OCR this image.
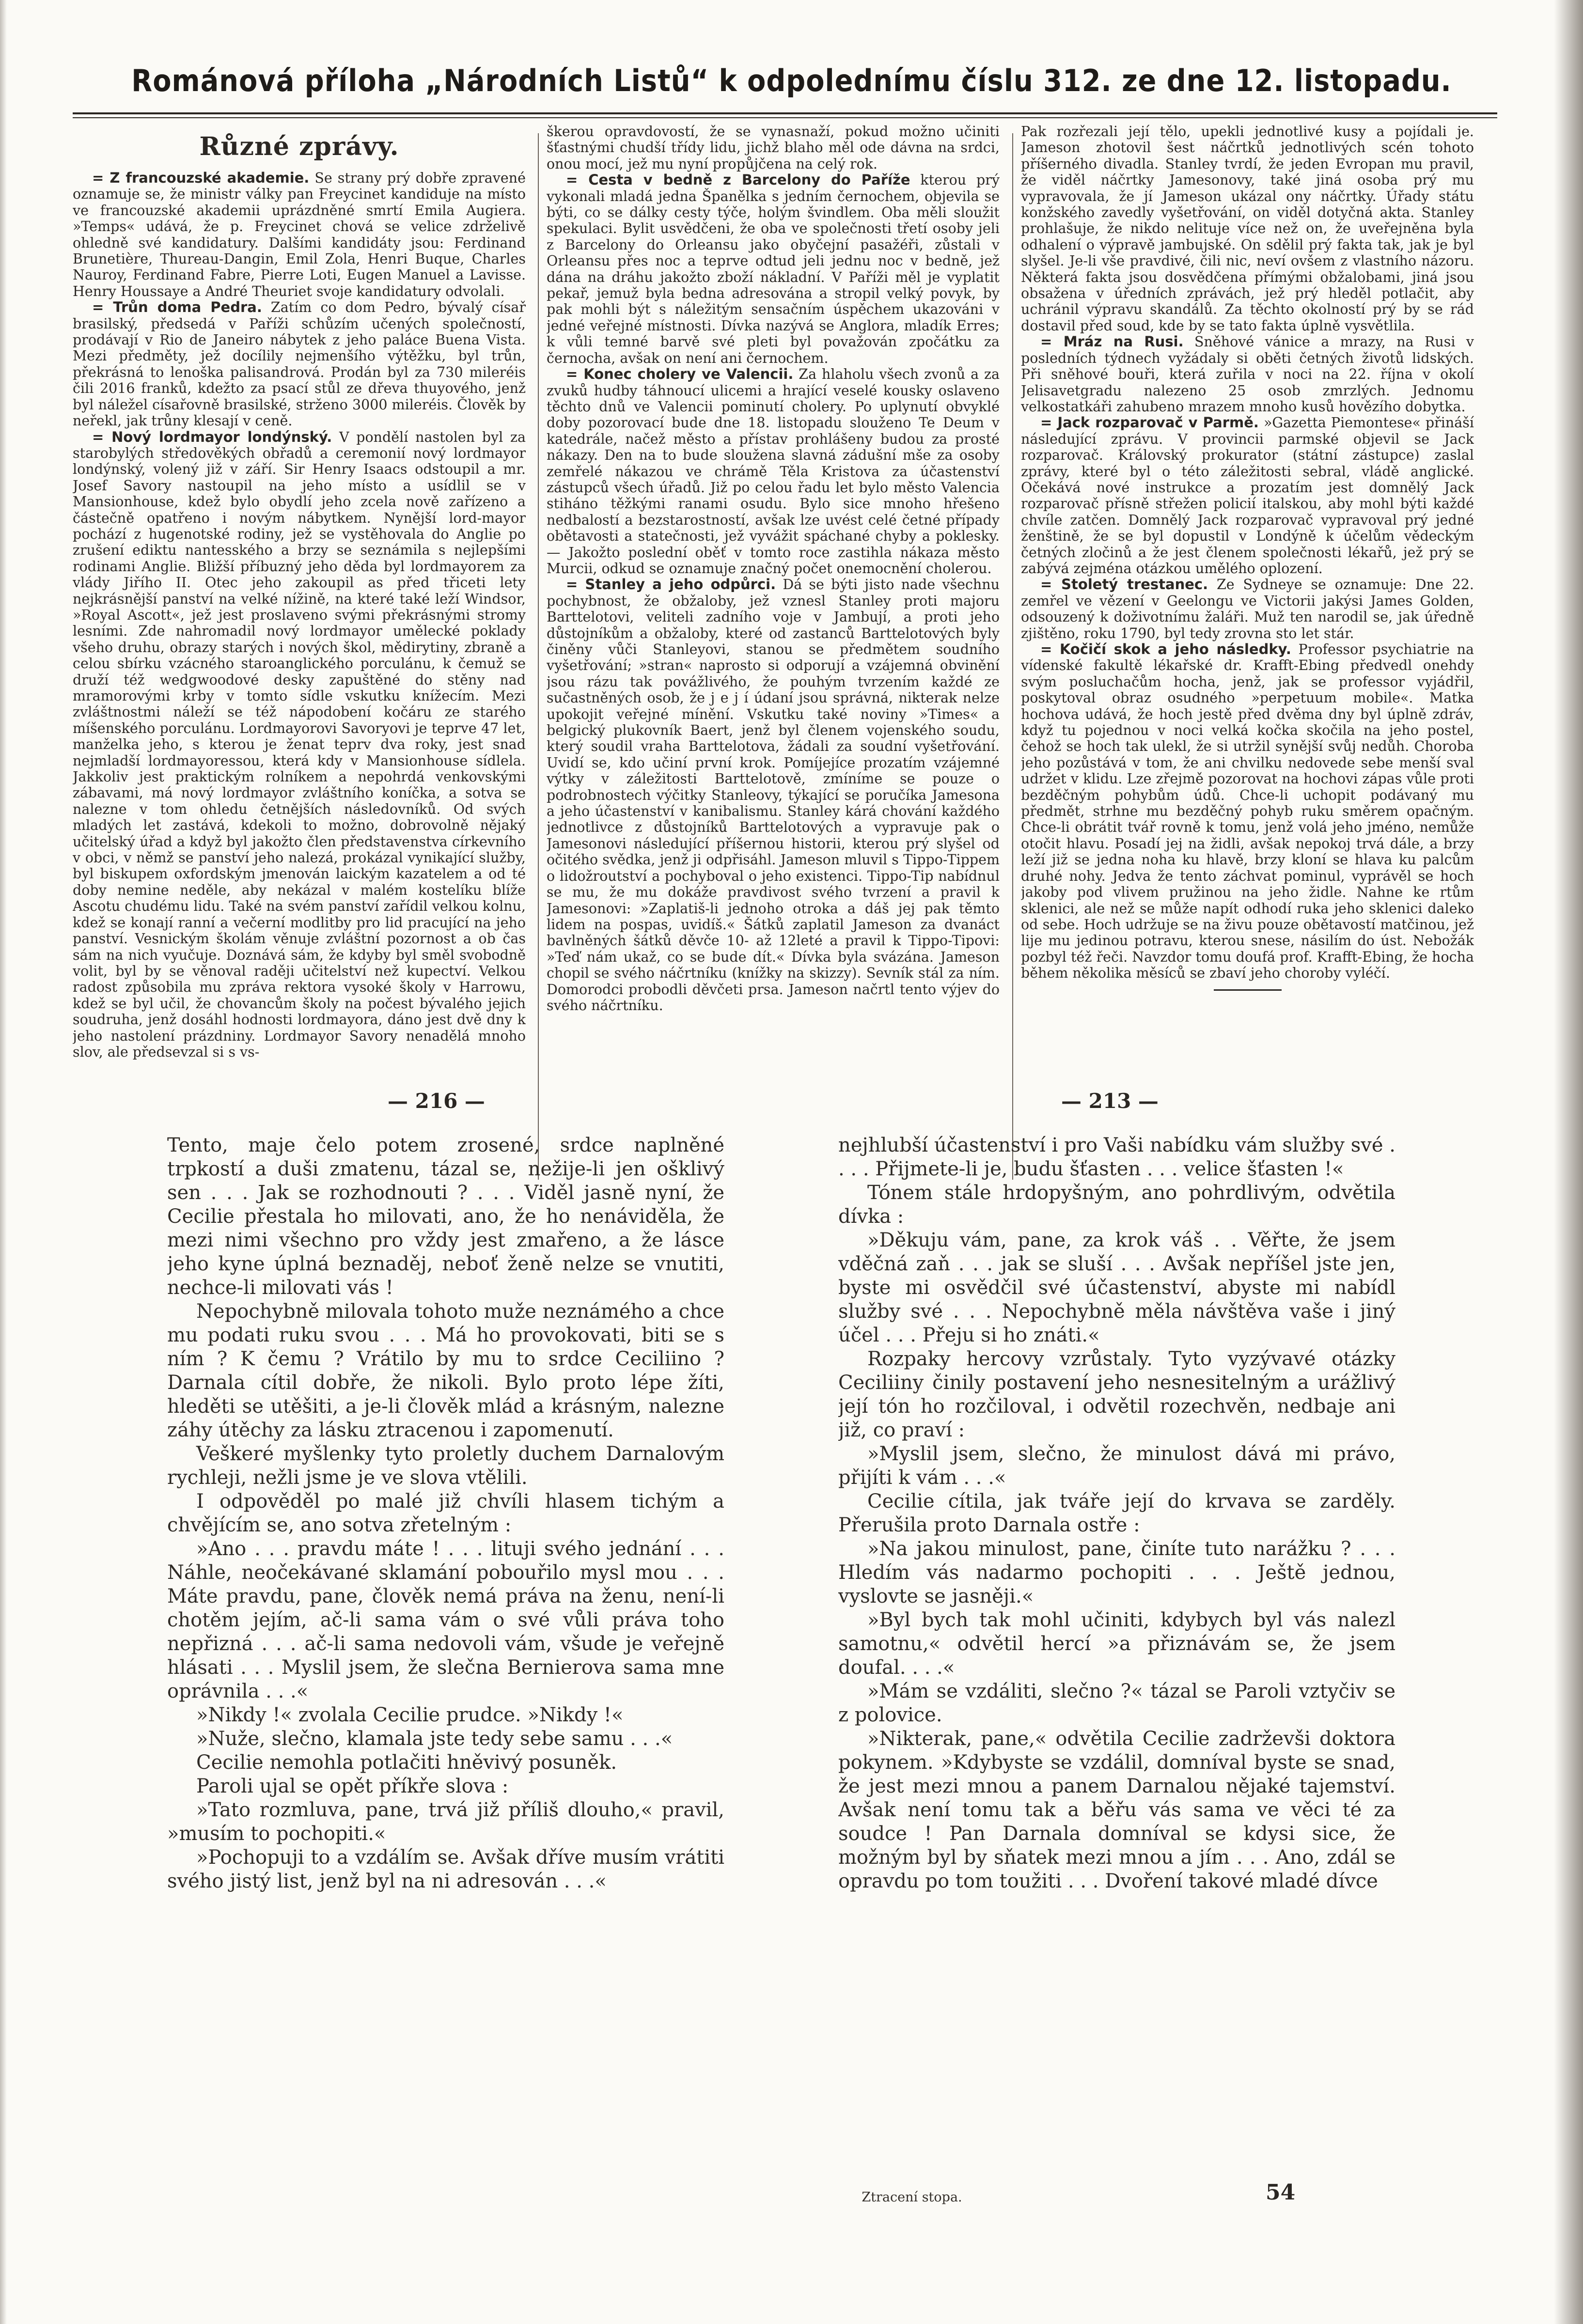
Románová příloha „Národních Listů“ k odpolednímu číslu 312. ze dne 12. listopadu.
Různé zprávy.

= Z francouzské akademie. Se strany prý dobře zpravené oznamuje se, že ministr války pan Freycinet kandiduje na místo ve francouzské akademii uprázdněné smrtí Emila Augiera. »Temps« udává, že p. Freycinet chová se velice zdrželivě ohledně své kandidatury. Dalšími kandidáty jsou: Ferdinand Brunetière, Thureau-Dangin, Emil Zola, Henri Buque, Charles Nauroy, Ferdinand Fabre, Pierre Loti, Eugen Manuel a Lavisse. Henry Houssaye a André Theuriet svoje kandidatury odvolali.

= Trůn doma Pedra. Zatím co dom Pedro, bývalý císař brasilský, předsedá v Paříži schůzím učených společností, prodávají v Rio de Janeiro nábytek z jeho paláce Buena Vista. Mezi předměty, jež docílily nejmenšího výtěžku, byl trůn, překrásná to lenoška palisandrová. Prodán byl za 730 mileréis čili 2016 franků, kdežto za psací stůl ze dřeva thuyového, jenž byl náležel císařovně brasilské, strženo 3000 mileréis. Člověk by neřekl, jak trůny klesají v ceně.

= Nový lordmayor londýnský. V pondělí nastolen byl za starobylých středověkých obřadů a ceremonií nový lordmayor londýnský, volený již v září. Sir Henry Isaacs odstoupil a mr. Josef Savory nastoupil na jeho místo a usídlil se v Mansionhouse, kdež bylo obydlí jeho zcela nově zařízeno a částečně opatřeno i novým nábytkem. Nynější lord-mayor pochází z hugenotské rodiny, jež se vystěhovala do Anglie po zrušení ediktu nantesského a brzy se seznámila s nejlepšími rodinami Anglie. Bližší příbuzný jeho děda byl lordmayorem za vlády Jiřího II. Otec jeho zakoupil as před třiceti lety nejkrásnější panství na velké nížině, na které také leží Windsor, »Royal Ascott«, jež jest proslaveno svými překrásnými stromy lesními. Zde nahromadil nový lordmayor umělecké poklady všeho druhu, obrazy starých i nových škol, mědirytiny, zbraně a celou sbírku vzácného staroanglického porculánu, k čemuž se druží též wedgwoodové desky zapuštěné do stěny nad mramorovými krby v tomto sídle vskutku knížecím. Mezi zvláštnostmi náleží se též nápodobení kočáru ze starého míšenského porculánu. Lordmayorovi Savoryovi je teprve 47 let, manželka jeho, s kterou je ženat teprv dva roky, jest snad nejmladší lordmayoressou, která kdy v Mansionhouse sídlela. Jakkoliv jest praktickým rolníkem a nepohrdá venkovskými zábavami, má nový lordmayor zvláštního koníčka, a sotva se nalezne v tom ohledu četnějších následovníků. Od svých mladých let zastává, kdekoli to možno, dobrovolně nějaký učitelský úřad a když byl jakožto člen představenstva církevního v obci, v němž se panství jeho nalezá, prokázal vynikající služby, byl biskupem oxfordským jmenován laickým kazatelem a od té doby nemine neděle, aby nekázal v malém kostelíku blíže Ascotu chudému lidu. Také na svém panství zařídil velkou kolnu, kdež se konají ranní a večerní modlitby pro lid pracující na jeho panství. Vesnickým školám věnuje zvláštní pozornost a ob čas sám na nich vyučuje. Doznává sám, že kdyby byl směl svobodně volit, byl by se věnoval raději učitelství než kupectví. Velkou radost způsobila mu zpráva rektora vysoké školy v Harrowu, kdež se byl učil, že chovancům školy na počest bývalého jejich soudruha, jenž dosáhl hodnosti lordmayora, dáno jest dvě dny k jeho nastolení prázdniny. Lordmayor Savory nenadělá mnoho slov, ale předsevzal si s vs-

škerou opravdovostí, že se vynasnaží, pokud možno učiniti šťastnými chudší třídy lidu, jichž blaho měl ode dávna na srdci, onou mocí, jež mu nyní propůjčena na celý rok.

= Cesta v bedně z Barcelony do Paříže kterou prý vykonali mladá jedna Španělka s jedním černochem, objevila se býti, co se dálky cesty týče, holým švindlem. Oba měli sloužit spekulaci. Bylit usvědčeni, že oba ve společnosti třetí osoby jeli z Barcelony do Orleansu jako obyčejní pasažéři, zůstali v Orleansu přes noc a teprve odtud jeli jednu noc v bedně, jež dána na dráhu jakožto zboží nákladní. V Paříži měl je vyplatit pekař, jemuž byla bedna adresována a stropil velký povyk, by pak mohli být s náležitým sensačním úspěchem ukazováni v jedné veřejné místnosti. Dívka nazývá se Anglora, mladík Erres; k vůli temné barvě své pleti byl považován zpočátku za černocha, avšak on není ani černochem.

= Konec cholery ve Valencii. Za hlaholu všech zvonů a za zvuků hudby táhnoucí ulicemi a hrající veselé kousky oslaveno těchto dnů ve Valencii pominutí cholery. Po uplynutí obvyklé doby pozorovací bude dne 18. listopadu slouženo Te Deum v katedrále, načež město a přístav prohlášeny budou za prosté nákazy. Den na to bude sloužena slavná zádušní mše za osoby zemřelé nákazou ve chrámě Těla Kristova za účastenství zástupců všech úřadů. Již po celou řadu let bylo město Valencia stiháno těžkými ranami osudu. Bylo sice mnoho hřešeno nedbalostí a bezstarostností, avšak lze uvést celé četné případy obětavosti a statečnosti, jež vyvážit spáchané chyby a poklesky. — Jakožto poslední oběť v tomto roce zastihla nákaza město Murcii, odkud se oznamuje značný počet onemocnění cholerou.

= Stanley a jeho odpůrci. Dá se býti jisto nade všechnu pochybnost, že obžaloby, jež vznesl Stanley proti majoru Barttelotovi, veliteli zadního voje v Jambují, a proti jeho důstojníkům a obžaloby, které od zastanců Barttelotových byly činěny vůči Stanleyovi, stanou se předmětem soudního vyšetřování; »stran« naprosto si odporují a vzájemná obvinění jsou rázu tak povážlivého, že pouhým tvrzením každé ze sučastněných osob, že j e j í údaní jsou správná, nikterak nelze upokojit veřejné mínění. Vskutku také noviny »Times« a belgický plukovník Baert, jenž byl členem vojenského soudu, který soudil vraha Barttelotova, žádali za soudní vyšetřování. Uvidí se, kdo učiní první krok. Pomíjejíce prozatím vzájemné výtky v záležitosti Barttelotově, zmíníme se pouze o podrobnostech výčitky Stanleovy, týkající se poručíka Jamesona a jeho účastenství v kanibalismu. Stanley kárá chování každého jednotlivce z důstojníků Barttelotových a vypravuje pak o Jamesonovi následující příšernou historii, kterou prý slyšel od očitého svědka, jenž ji odpřisáhl. Jameson mluvil s Tippo-Tippem o lidožroutství a pochyboval o jeho existenci. Tippo-Tip nabídnul se mu, že mu dokáže pravdivost svého tvrzení a pravil k Jamesonovi: »Zaplatiš-li jednoho otroka a dáš jej pak těmto lidem na pospas, uvidíš.« Šátků zaplatil Jameson za dvanáct bavlněných šátků děvče 10- až 12leté a pravil k Tippo-Tipovi: »Teď nám ukaž, co se bude dít.« Dívka byla svázána. Jameson chopil se svého náčrtníku (knížky na skizzy). Sevník stál za ním. Domorodci probodli děvčeti prsa. Jameson načrtl tento výjev do svého náčrtníku.

Pak rozřezali její tělo, upekli jednotlivé kusy a pojídali je. Jameson zhotovil šest náčrtků jednotlivých scén tohoto příšerného divadla. Stanley tvrdí, že jeden Evropan mu pravil, že viděl náčrtky Jamesonovy, také jiná osoba prý mu vypravovala, že jí Jameson ukázal ony náčrtky. Úřady státu konžského zavedly vyšetřování, on viděl dotyčná akta. Stanley prohlašuje, že nikdo nelituje více než on, že uveřejněna byla odhalení o výpravě jambujské. On sdělil prý fakta tak, jak je byl slyšel. Je-li vše pravdivé, čili nic, neví ovšem z vlastního názoru. Některá fakta jsou dosvědčena přímými obžalobami, jiná jsou obsažena v úředních zprávách, jež prý hleděl potlačit, aby uchránil výpravu skandálů. Za těchto okolností prý by se rád dostavil před soud, kde by se tato fakta úplně vysvětlila.

= Mráz na Rusi. Sněhové vánice a mrazy, na Rusi v posledních týdnech vyžádaly si oběti četných životů lidských. Při sněhové bouři, která zuřila v noci na 22. října v okolí Jelisavetgradu nalezeno 25 osob zmrzlých. Jednomu velkostatkáři zahubeno mrazem mnoho kusů hovězího dobytka.

= Jack rozparovač v Parmě. »Gazetta Piemontese« přináší následující zprávu. V provincii parmské objevil se Jack rozparovač. Královský prokurator (státní zástupce) zaslal zprávy, které byl o této záležitosti sebral, vládě anglické. Očekává nové instrukce a prozatím jest domnělý Jack rozparovač přísně střežen policií italskou, aby mohl býti každé chvíle zatčen. Domnělý Jack rozparovač vypravoval prý jedné ženštině, že se byl dopustil v Londýně k účelům vědeckým četných zločinů a že jest členem společnosti lékařů, jež prý se zabývá zejména otázkou umělého oplození.

= Stoletý trestanec. Ze Sydneye se oznamuje: Dne 22. zemřel ve vězení v Geelongu ve Victorii jakýsi James Golden, odsouzený k doživotnímu žaláři. Muž ten narodil se, jak úředně zjištěno, roku 1790, byl tedy zrovna sto let stár.

= Kočičí skok a jeho následky. Professor psychiatrie na vídenské fakultě lékařské dr. Krafft-Ebing předvedl onehdy svým posluchačům hocha, jenž, jak se professor vyjádřil, poskytoval obraz osudného »perpetuum mobile«. Matka hochova udává, že hoch jestě před dvěma dny byl úplně zdráv, když tu pojednou v noci velká kočka skočila na jeho postel, čehož se hoch tak ulekl, že si utržil synější svůj nedůh. Choroba jeho pozůstává v tom, že ani chvilku nedovede sebe menší sval udržet v klidu. Lze zřejmě pozorovat na hochovi zápas vůle proti bezděčným pohybům údů. Chce-li uchopit podávaný mu předmět, strhne mu bezděčný pohyb ruku směrem opačným. Chce-li obrátit tvář rovně k tomu, jenž volá jeho jméno, nemůže otočit hlavu. Posadí jej na židli, avšak nepokoj trvá dále, a brzy leží již se jedna noha ku hlavě, brzy kloní se hlava ku palcům druhé nohy. Jedva že tento záchvat pominul, vyprávěl se hoch jakoby pod vlivem pružinou na jeho židle. Nahne ke rtům sklenici, ale než se může napít odhodí ruka jeho sklenici daleko od sebe. Hoch udržuje se na živu pouze obětavostí matčinou, jež lije mu jedinou potravu, kterou snese, násilím do úst. Nebožák pozbyl též řeči. Navzdor tomu doufá prof. Krafft-Ebing, že hocha během několika měsíců se zbaví jeho choroby vyléčí.

— 216 —	— 213 —

Tento, maje čelo potem zrosené, srdce naplněné trpkostí a duši zmatenu, tázal se, nežije-li jen ošklivý sen . . . Jak se rozhodnouti ? . . . Viděl jasně nyní, že Cecilie přestala ho milovati, ano, že ho nenáviděla, že mezi nimi všechno pro vždy jest zmařeno, a že lásce jeho kyne úplná beznaděj, neboť ženě nelze se vnutiti, nechce-li milovati vás !

Nepochybně milovala tohoto muže neznámého a chce mu podati ruku svou . . . Má ho provokovati, biti se s ním ? K čemu ? Vrátilo by mu to srdce Ceciliino ? Darnala cítil dobře, že nikoli. Bylo proto lépe žíti, hleděti se utěšiti, a je-li člověk mlád a krásným, nalezne záhy útěchy za lásku ztracenou i zapomenutí.

Veškeré myšlenky tyto proletly duchem Darnalovým rychleji, nežli jsme je ve slova vtělili.

I odpověděl po malé již chvíli hlasem tichým a chvějícím se, ano sotva zřetelným :

»Ano . . . pravdu máte ! . . . lituji svého jednání . . . Náhle, neočekávané sklamání pobouřilo mysl mou . . . Máte pravdu, pane, člověk nemá práva na ženu, není-li chotěm jejím, ač-li sama vám o své vůli práva toho nepřizná . . . ač-li sama nedovoli vám, všude je veřejně hlásati . . . Myslil jsem, že slečna Bernierova sama mne oprávnila . . .«

»Nikdy !« zvolala Cecilie prudce. »Nikdy !«

»Nuže, slečno, klamala jste tedy sebe samu . . .«

Cecilie nemohla potlačiti hněvivý posuněk.

Paroli ujal se opět příkře slova :

»Tato rozmluva, pane, trvá již příliš dlouho,« pravil, »musím to pochopiti.«

»Pochopuji to a vzdálím se. Avšak dříve musím vrátiti svého jistý list, jenž byl na ni adresován . . .«

nejhlubší účastenství i pro Vaši nabídku vám služby své . . . . Přijmete-li je, budu šťasten . . . velice šťasten !«

Tónem stále hrdopyšným, ano pohrdlivým, odvětila dívka :

»Děkuju vám, pane, za krok váš . . Věřte, že jsem vděčná zaň . . . jak se sluší . . . Avšak nepříšel jste jen, byste mi osvědčil své účastenství, abyste mi nabídl služby své . . . Nepochybně měla návštěva vaše i jiný účel . . . Přeju si ho znáti.«

Rozpaky hercovy vzrůstaly. Tyto vyzývavé otázky Ceciliiny činily postavení jeho nesnesitelným a urážlivý její tón ho rozčiloval, i odvětil rozechvěn, nedbaje ani již, co praví :

»Myslil jsem, slečno, že minulost dává mi právo, přijíti k vám . . .«

Cecilie cítila, jak tváře její do krvava se zarděly. Přerušila proto Darnala ostře :

»Na jakou minulost, pane, činíte tuto narážku ? . . . Hledím vás nadarmo pochopiti . . . Ještě jednou, vyslovte se jasněji.«

»Byl bych tak mohl učiniti, kdybych byl vás nalezl samotnu,« odvětil hercí »a přiznávám se, že jsem doufal. . . .«

»Mám se vzdáliti, slečno ?« tázal se Paroli vztyčiv se z polovice.

»Nikterak, pane,« odvětila Cecilie zadrževši doktora pokynem. »Kdybyste se vzdálil, domníval byste se snad, že jest mezi mnou a panem Darnalou nějaké tajemství. Avšak není tomu tak a běřu vás sama ve věci té za soudce ! Pan Darnala domníval se kdysi sice, že možným byl by sňatek mezi mnou a jím . . . Ano, zdál se opravdu po tom toužiti . . . Dvoření takové mladé dívce

Ztracení stopa.	54
